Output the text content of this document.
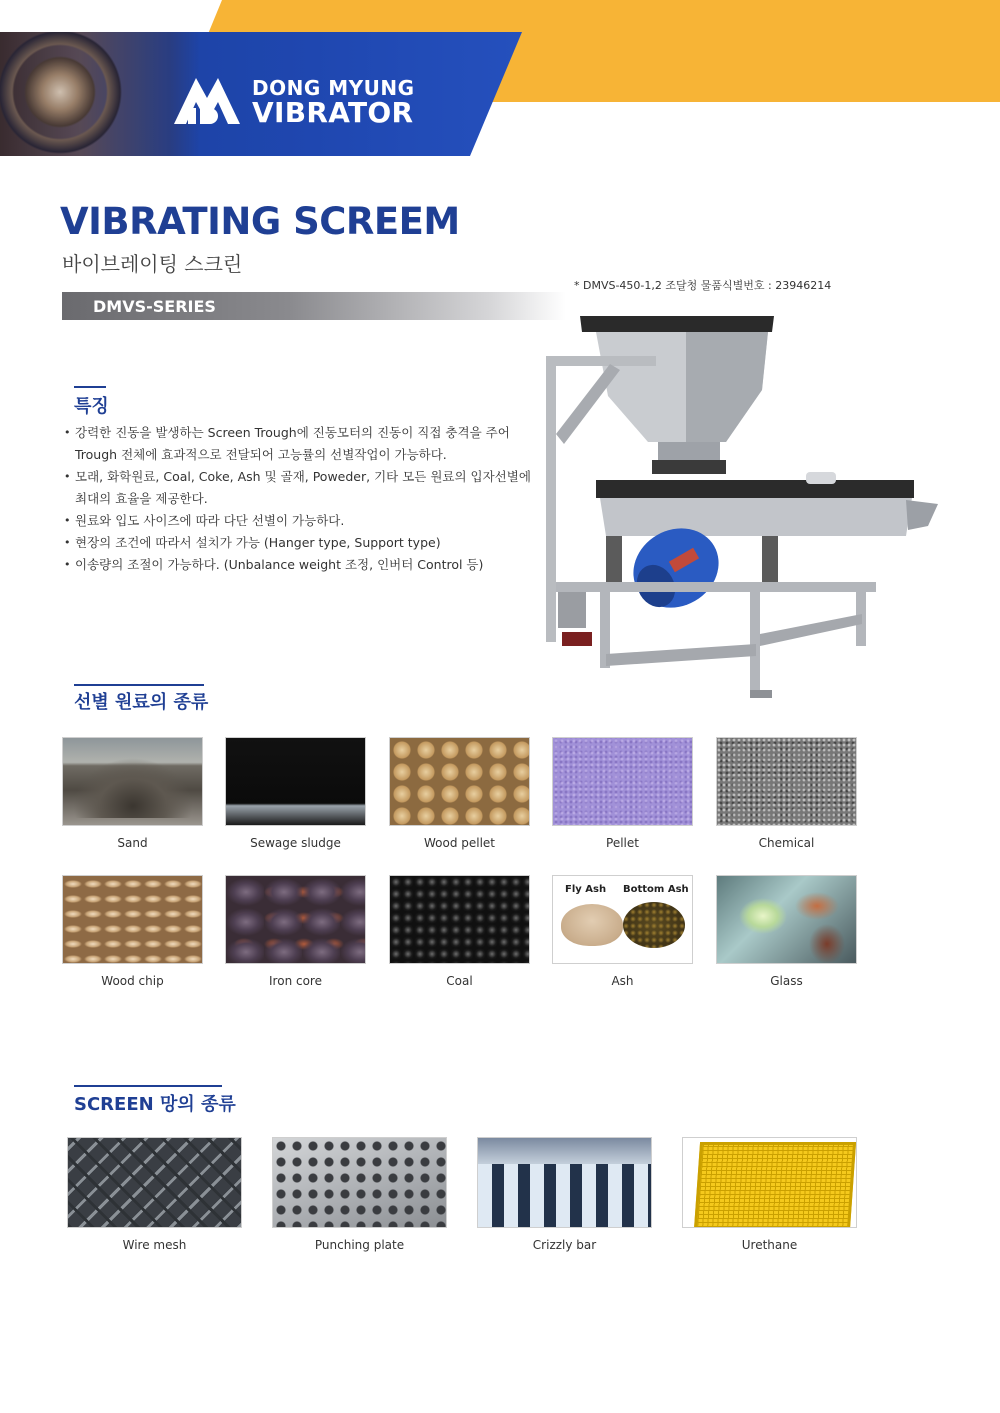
DONG MYUNG
VIBRATOR
VIBRATING SCREEM
바이브레이팅 스크린
* DMVS-450-1,2 조달청 물품식별번호 : 23946214
DMVS-SERIES
특징
• 강력한 진동을 발생하는 Screen Trough에 진동모터의 진동이 직접 충격을 주어 Trough 전체에 효과적으로 전달되어 고능률의 선별작업이 가능하다.
• 모래, 화학원료, Coal, Coke, Ash 및 골재, Poweder, 기타 모든 원료의 입자선별에 최대의 효율을 제공한다.
• 원료와 입도 사이즈에 따라 다단 선별이 가능하다.
• 현장의 조건에 따라서 설치가 가능 (Hanger type, Support type)
• 이송량의 조절이 가능하다. (Unbalance weight 조정, 인버터 Control 등)
선별 원료의 종류
Sand	Sewage sludge	Wood pellet	Pellet	Chemical
Fly Ash Bottom Ash
Wood chip	Iron core	Coal	Ash	Glass
SCREEN 망의 종류
Wire mesh	Punching plate	Crizzly bar	Urethane
